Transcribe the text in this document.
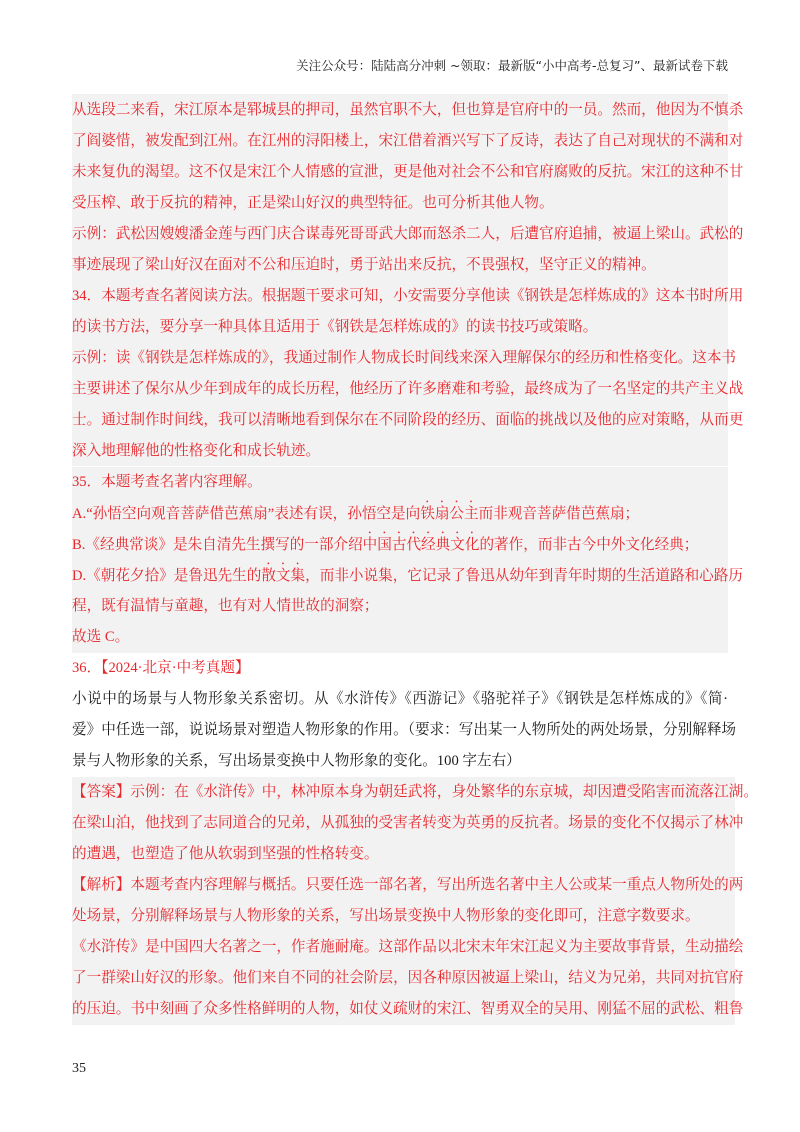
关注公众号：陆陆高分冲刺 ~领取：最新版“小中高考-总复习”、最新试卷下载
从选段二来看，宋江原本是郓城县的押司，虽然官职不大，但也算是官府中的一员。然而，他因为不慎杀
了阎婆惜，被发配到江州。在江州的浔阳楼上，宋江借着酒兴写下了反诗，表达了自己对现状的不满和对
未来复仇的渴望。这不仅是宋江个人情感的宣泄，更是他对社会不公和官府腐败的反抗。宋江的这种不甘
受压榨、敢于反抗的精神，正是梁山好汉的典型特征。也可分析其他人物。
示例：武松因嫂嫂潘金莲与西门庆合谋毒死哥哥武大郎而怒杀二人，后遭官府追捕，被逼上梁山。武松的
事迹展现了梁山好汉在面对不公和压迫时，勇于站出来反抗，不畏强权，坚守正义的精神。
34．本题考查名著阅读方法。根据题干要求可知，小安需要分享他读《钢铁是怎样炼成的》这本书时所用
的读书方法，要分享一种具体且适用于《钢铁是怎样炼成的》的读书技巧或策略。
示例：读《钢铁是怎样炼成的》，我通过制作人物成长时间线来深入理解保尔的经历和性格变化。这本书
主要讲述了保尔从少年到成年的成长历程，他经历了许多磨难和考验，最终成为了一名坚定的共产主义战
士。通过制作时间线，我可以清晰地看到保尔在不同阶段的经历、面临的挑战以及他的应对策略，从而更
深入地理解他的性格变化和成长轨迹。
35．本题考查名著内容理解。
A.“孙悟空向观音菩萨借芭蕉扇”表述有误，孙悟空是向铁扇公主而非观音菩萨借芭蕉扇；
B.《经典常谈》是朱自清先生撰写的一部介绍中国古代经典文化的著作，而非古今中外文化经典；
D.《朝花夕拾》是鲁迅先生的散文集，而非小说集，它记录了鲁迅从幼年到青年时期的生活道路和心路历
程，既有温情与童趣，也有对人情世故的洞察；
故选 C。
36．【2024·北京·中考真题】
小说中的场景与人物形象关系密切。从《水浒传》《西游记》《骆驼祥子》《钢铁是怎样炼成的》《简·
爱》中任选一部，说说场景对塑造人物形象的作用。（要求：写出某一人物所处的两处场景，分别解释场
景与人物形象的关系，写出场景变换中人物形象的变化。100 字左右）
【答案】示例：在《水浒传》中，林冲原本身为朝廷武将，身处繁华的东京城，却因遭受陷害而流落江湖。
在梁山泊，他找到了志同道合的兄弟，从孤独的受害者转变为英勇的反抗者。场景的变化不仅揭示了林冲
的遭遇，也塑造了他从软弱到坚强的性格转变。
【解析】本题考查内容理解与概括。只要任选一部名著，写出所选名著中主人公或某一重点人物所处的两
处场景，分别解释场景与人物形象的关系，写出场景变换中人物形象的变化即可，注意字数要求。
《水浒传》是中国四大名著之一，作者施耐庵。这部作品以北宋末年宋江起义为主要故事背景，生动描绘
了一群梁山好汉的形象。他们来自不同的社会阶层，因各种原因被逼上梁山，结义为兄弟，共同对抗官府
的压迫。书中刻画了众多性格鲜明的人物，如仗义疏财的宋江、智勇双全的吴用、刚猛不屈的武松、粗鲁
35
